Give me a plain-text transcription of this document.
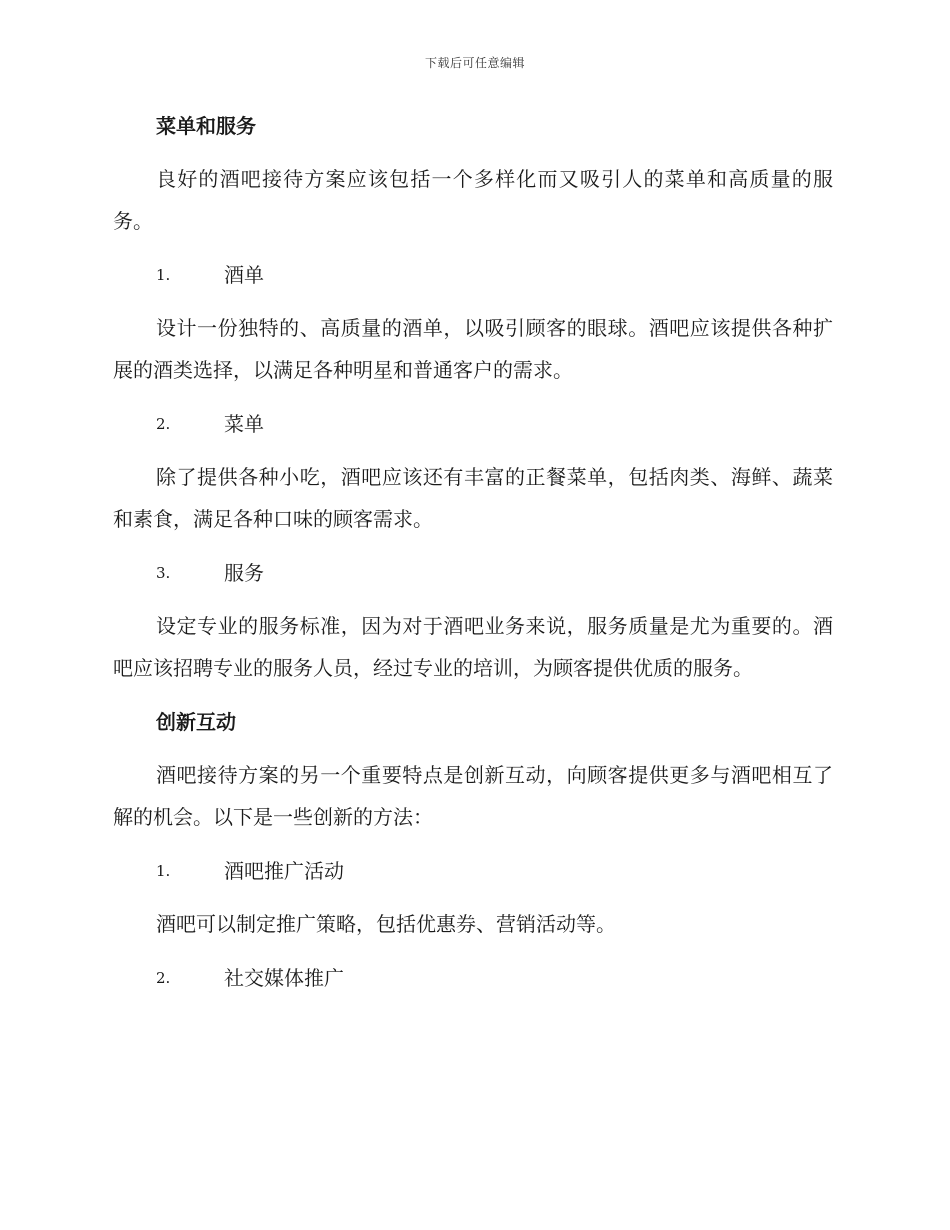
下载后可任意编辑
菜单和服务

良好的酒吧接待方案应该包括一个多样化而又吸引人的菜单和高质量的服务。

1.	酒单

设计一份独特的、高质量的酒单，以吸引顾客的眼球。酒吧应该提供各种扩展的酒类选择，以满足各种明星和普通客户的需求。

2.	菜单

除了提供各种小吃，酒吧应该还有丰富的正餐菜单，包括肉类、海鲜、蔬菜和素食，满足各种口味的顾客需求。

3.	服务

设定专业的服务标准，因为对于酒吧业务来说，服务质量是尤为重要的。酒吧应该招聘专业的服务人员，经过专业的培训，为顾客提供优质的服务。

创新互动

酒吧接待方案的另一个重要特点是创新互动，向顾客提供更多与酒吧相互了解的机会。以下是一些创新的方法：

1.	酒吧推广活动

酒吧可以制定推广策略，包括优惠券、营销活动等。

2.	社交媒体推广
